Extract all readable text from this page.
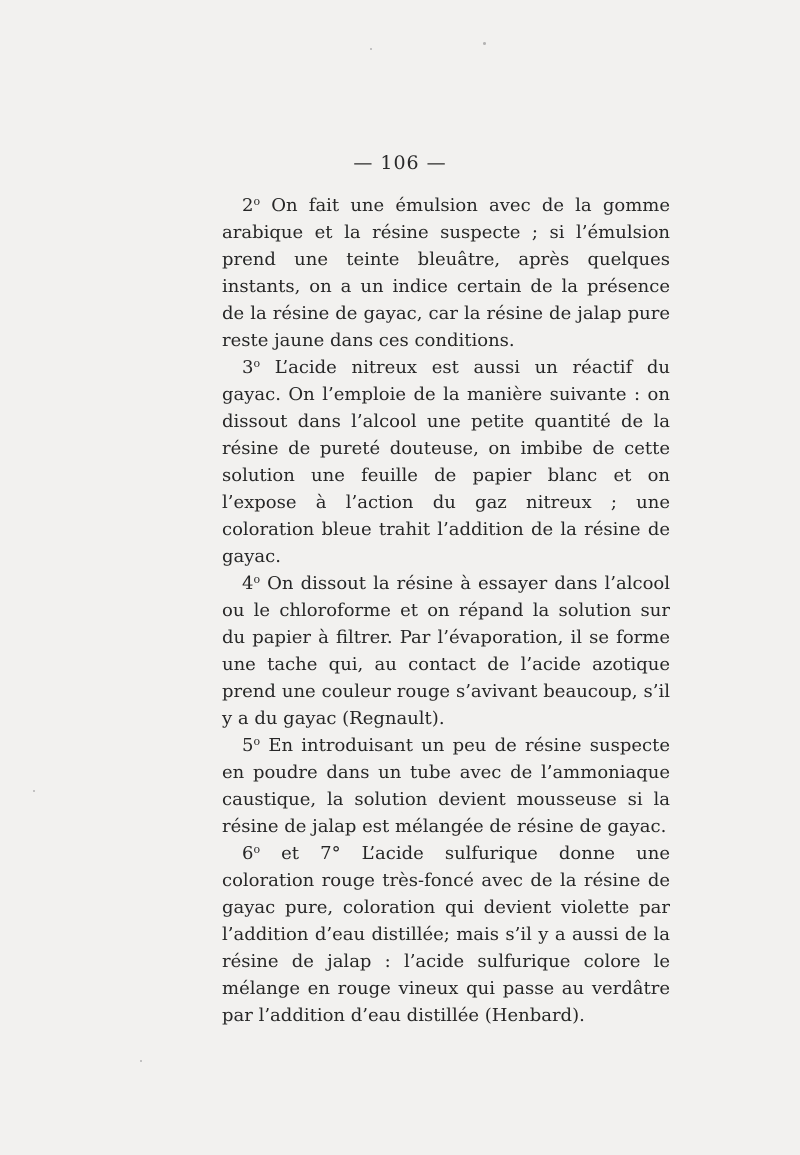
— 106 —

2$^o$ On fait une émulsion avec de la gomme arabique et la résine suspecte ; si l’émulsion prend une teinte bleuâtre, après quelques instants, on a un indice certain de la présence de la résine de gayac, car la résine de jalap pure reste jaune dans ces conditions.

3$^o$ L’acide nitreux est aussi un réactif du gayac. On l’emploie de la manière suivante : on dissout dans l’alcool une petite quantité de la résine de pureté douteuse, on imbibe de cette solution une feuille de papier blanc et on l’expose à l’action du gaz nitreux ; une coloration bleue trahit l’addition de la résine de gayac.

4$^o$ On dissout la résine à essayer dans l’alcool ou le chloroforme et on répand la solution sur du papier à filtrer. Par l’évaporation, il se forme une tache qui, au contact de l’acide azotique prend une couleur rouge s’avivant beaucoup, s’il y a du gayac (Regnault).

5$^o$ En introduisant un peu de résine suspecte en poudre dans un tube avec de l’ammoniaque caustique, la solution devient mousseuse si la résine de jalap est mélangée de résine de gayac.

6$^o$ et 7° L’acide sulfurique donne une coloration rouge très-foncé avec de la résine de gayac pure, coloration qui devient violette par l’addition d’eau distillée; mais s’il y a aussi de la résine de jalap : l’acide sulfurique colore le mélange en rouge vineux qui passe au verdâtre par l’addition d’eau distillée (Henbard).
